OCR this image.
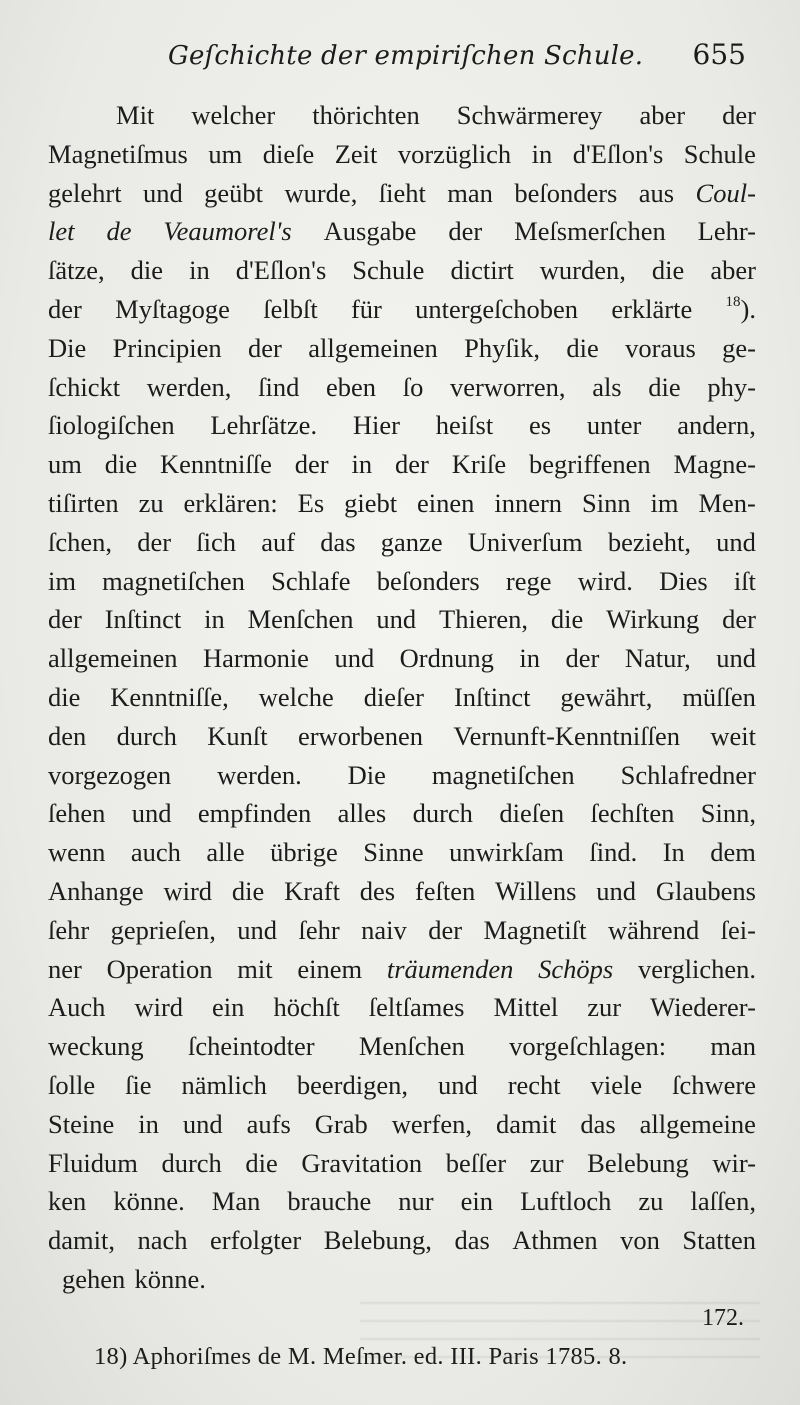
Geſchichte der empiriſchen Schule. 655
Mit welcher thörichten Schwärmerey aber der
Magnetiſmus um dieſe Zeit vorzüglich in d'Eſlon's Schule
gelehrt und geübt wurde, ſieht man beſonders aus Coul-
let de Veaumorel's Ausgabe der Meſsmerſchen Lehr-
ſätze, die in d'Eſlon's Schule dictirt wurden, die aber
der Myſtagoge ſelbſt für untergeſchoben erklärte $^{18}$).
Die Principien der allgemeinen Phyſik, die voraus ge-
ſchickt werden, ſind eben ſo verworren, als die phy-
ſiologiſchen Lehrſätze. Hier heiſst es unter andern,
um die Kenntniſſe der in der Kriſe begriffenen Magne-
tiſirten zu erklären: Es giebt einen innern Sinn im Men-
ſchen, der ſich auf das ganze Univerſum bezieht, und
im magnetiſchen Schlafe beſonders rege wird. Dies iſt
der Inſtinct in Menſchen und Thieren, die Wirkung der
allgemeinen Harmonie und Ordnung in der Natur, und
die Kenntniſſe, welche dieſer Inſtinct gewährt, müſſen
den durch Kunſt erworbenen Vernunft-Kenntniſſen weit
vorgezogen werden. Die magnetiſchen Schlafredner
ſehen und empfinden alles durch dieſen ſechſten Sinn,
wenn auch alle übrige Sinne unwirkſam ſind. In dem
Anhange wird die Kraft des feſten Willens und Glaubens
ſehr geprieſen, und ſehr naiv der Magnetiſt während ſei-
ner Operation mit einem träumenden Schöps verglichen.
Auch wird ein höchſt ſeltſames Mittel zur Wiederer-
weckung ſcheintodter Menſchen vorgeſchlagen: man
ſolle ſie nämlich beerdigen, und recht viele ſchwere
Steine in und aufs Grab werfen, damit das allgemeine
Fluidum durch die Gravitation beſſer zur Belebung wir-
ken könne. Man brauche nur ein Luftloch zu laſſen,
damit, nach erfolgter Belebung, das Athmen von Statten
gehen könne.
172.
18) Aphoriſmes de M. Meſmer. ed. III. Paris 1785. 8.
